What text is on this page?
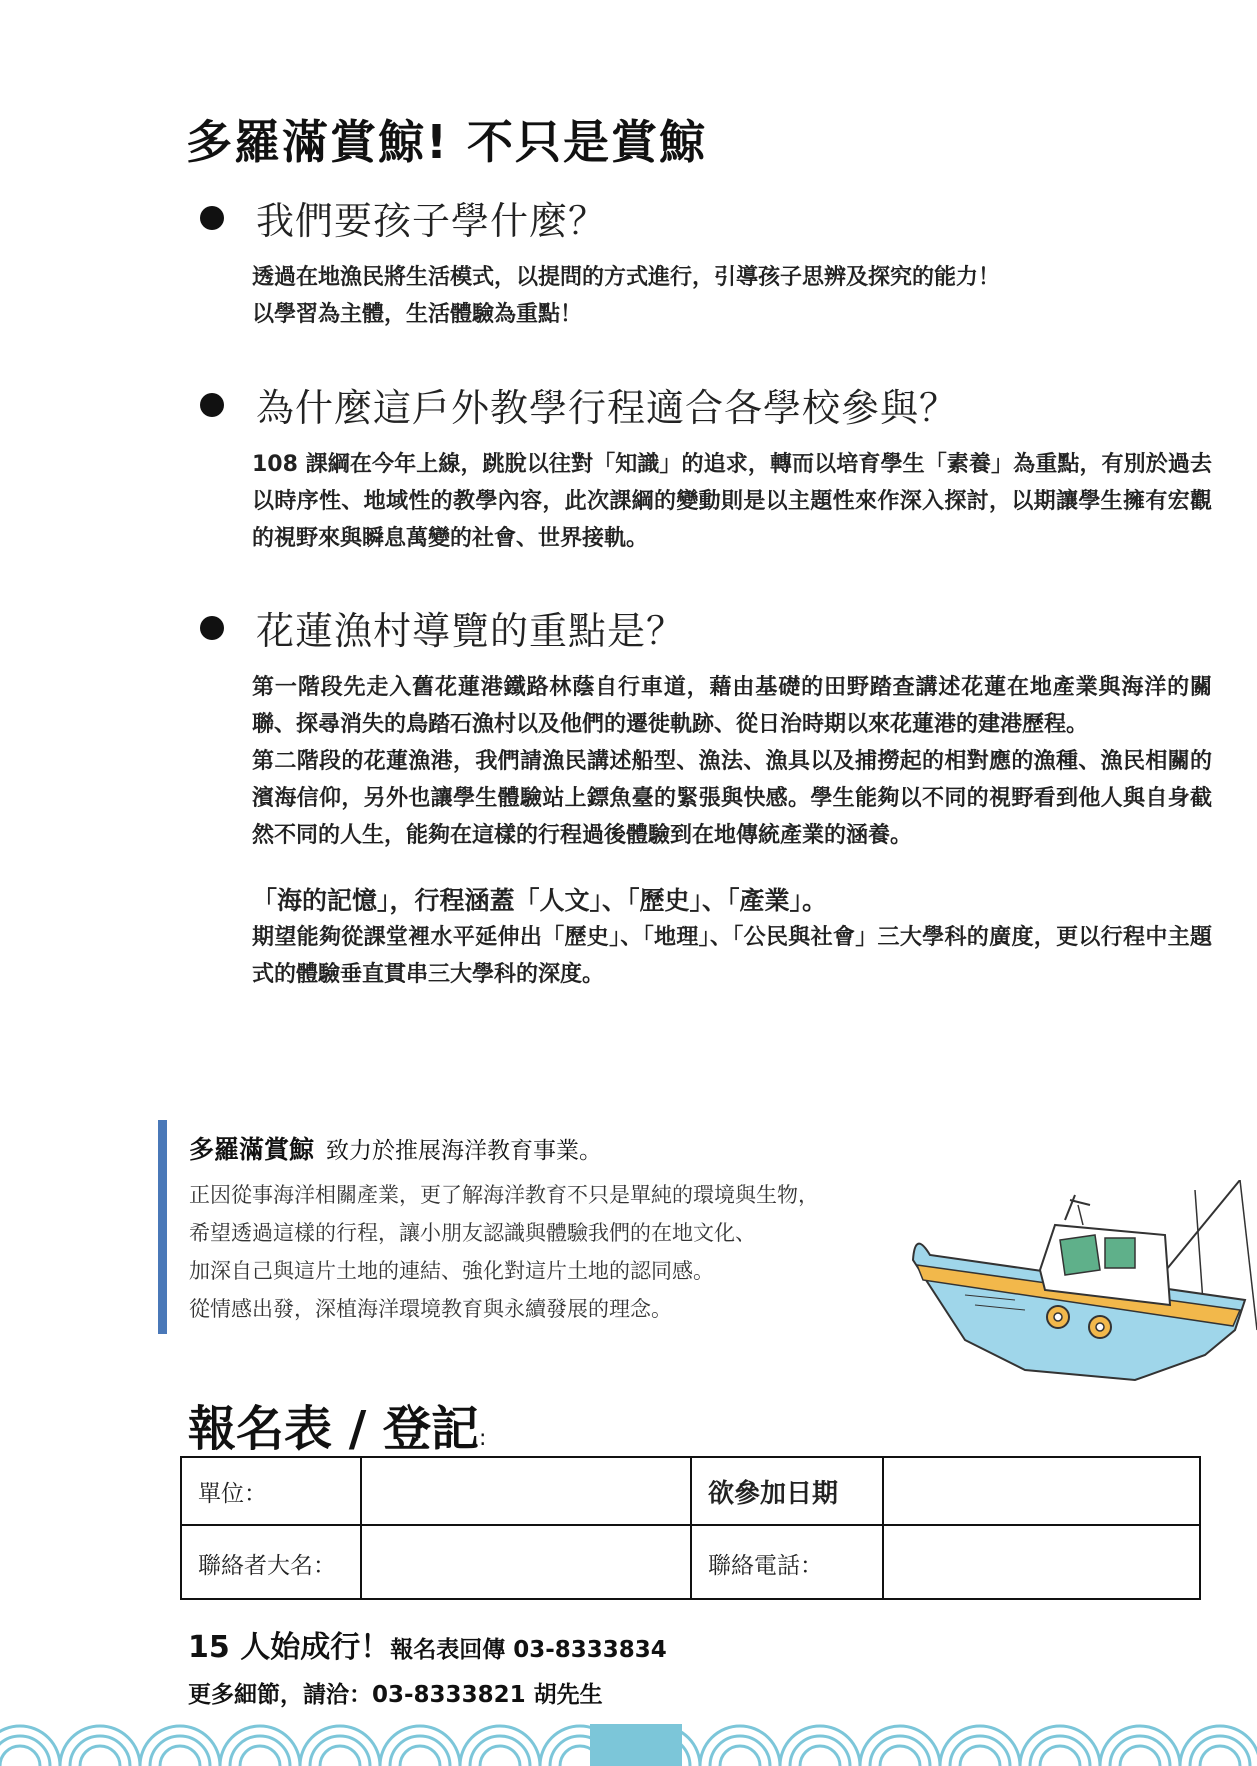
多羅滿賞鯨! 不只是賞鯨
我們要孩子學什麼？

透過在地漁民將生活模式，以提問的方式進行，引導孩子思辨及探究的能力！

以學習為主體，生活體驗為重點！

為什麼這戶外教學行程適合各學校參與？

108 課綱在今年上線，跳脫以往對「知識」的追求，轉而以培育學生「素養」為重點，有別於過去以時序性、地域性的教學內容，此次課綱的變動則是以主題性來作深入探討，以期讓學生擁有宏觀的視野來與瞬息萬變的社會、世界接軌。

花蓮漁村導覽的重點是？

第一階段先走入舊花蓮港鐵路林蔭自行車道，藉由基礎的田野踏查講述花蓮在地產業與海洋的關聯、探尋消失的鳥踏石漁村以及他們的遷徙軌跡、從日治時期以來花蓮港的建港歷程。

第二階段的花蓮漁港，我們請漁民講述船型、漁法、漁具以及捕撈起的相對應的漁種、漁民相關的濱海信仰，另外也讓學生體驗站上鏢魚臺的緊張與快感。學生能夠以不同的視野看到他人與自身截然不同的人生，能夠在這樣的行程過後體驗到在地傳統產業的涵養。

「海的記憶」，行程涵蓋「人文」、「歷史」、「產業」。

期望能夠從課堂裡水平延伸出「歷史」、「地理」、「公民與社會」三大學科的廣度，更以行程中主題式的體驗垂直貫串三大學科的深度。

多羅滿賞鯨 致力於推展海洋教育事業。
正因從事海洋相關產業，更了解海洋教育不只是單純的環境與生物，
希望透過這樣的行程，讓小朋友認識與體驗我們的在地文化、
加深自己與這片土地的連結、強化對這片土地的認同感。
從情感出發，深植海洋環境教育與永續發展的理念。
報名表 / 登記:
單位：	欲參加日期
聯絡者大名：	聯絡電話：
15 人始成行！報名表回傳 03-8333834
更多細節，請洽：03-8333821 胡先生
